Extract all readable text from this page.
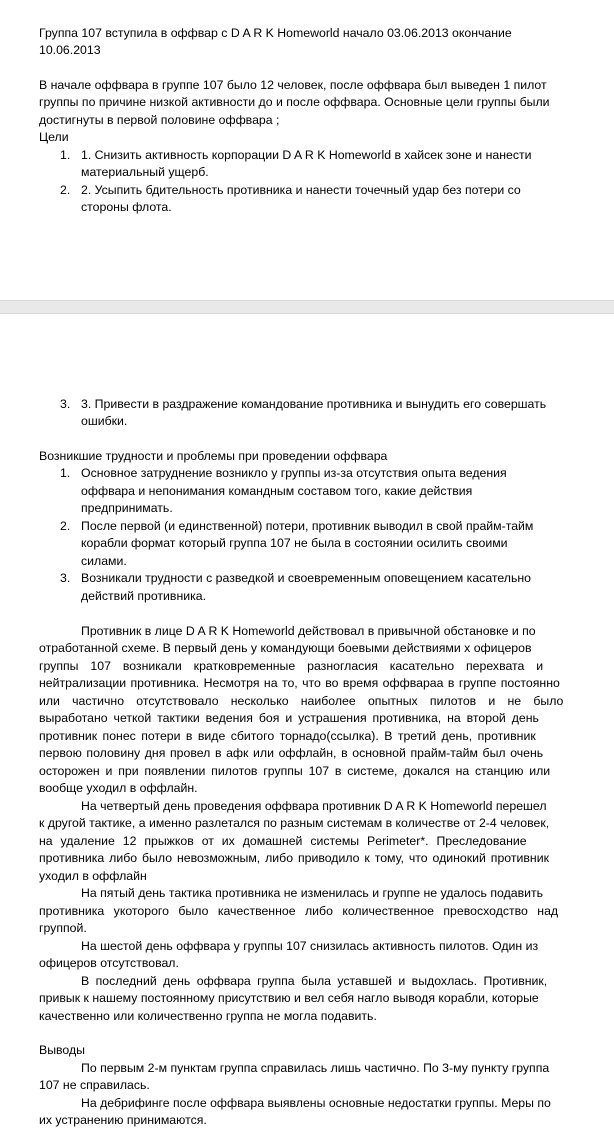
Группа 107 вступила в оффвар с D A R K Homeworld начало 03.06.2013 окончание
10.06.2013
В начале оффвара в группе 107 было 12 человек, после оффвара был выведен 1 пилот
группы по причине низкой активности до и после оффвара. Основные цели группы были
достигнуты в первой половине оффвара ;
Цели
1. 1. Снизить активность корпорации D A R K Homeworld в хайсек зоне и нанести
материальный ущерб.
2. 2. Усыпить бдительность противника и нанести точечный удар без потери со
стороны флота.
3. 3. Привести в раздражение командование противника и вынудить его совершать
ошибки.
Возникшие трудности и проблемы при проведении оффвара
1. Основное затруднение возникло у группы из-за отсутствия опыта ведения
оффвара и непонимания командным составом того, какие действия
предпринимать.
2. После первой (и единственной) потери, противник выводил в свой прайм-тайм
корабли формат который группа 107 не была в состоянии осилить своими
силами.
3. Возникали трудности с разведкой и своевременным оповещением касательно
действий противника.
Противник в лице D A R K Homeworld действовал в привычной обстановке и по
отработанной схеме. В первый день у командующи боевыми действиями х офицеров
группы 107 возникали кратковременные разногласия касательно перехвата и
нейтрализации противника. Несмотря на то, что во время оффвараа в группе постоянно
или частично отсутствовало несколько наиболее опытных пилотов и не было
выработано четкой тактики ведения боя и устрашения противника, на второй день
противник понес потери в виде сбитого торнадо(ссылка). В третий день, противник
первою половину дня провел в афк или оффлайн, в основной прайм-тайм был очень
осторожен и при появлении пилотов группы 107 в системе, докался на станцию или
вообще уходил в оффлайн.
На четвертый день проведения оффвара противник D A R K Homeworld перешел
к другой тактике, а именно разлетался по разным системам в количестве от 2-4 человек,
на удаление 12 прыжков от их домашней системы Perimeter*. Преследование
противника либо было невозможным, либо приводило к тому, что одинокий противник
уходил в оффлайн
На пятый день тактика противника не изменилась и группе не удалось подавить
противника укоторого было качественное либо количественное превосходство над
группой.
На шестой день оффвара у группы 107 снизилась активность пилотов. Один из
офицеров отсутствовал.
В последний день оффвара группа была уставшей и выдохлась. Противник,
привык к нашему постоянному присутствию и вел себя нагло выводя корабли, которые
качественно или количественно группа не могла подавить.
Выводы
По первым 2-м пунктам группа справилась лишь частично. По 3-му пункту группа
107 не справилась.
На дебрифинге после оффвара выявлены основные недостатки группы. Меры по
их устранению принимаются.
